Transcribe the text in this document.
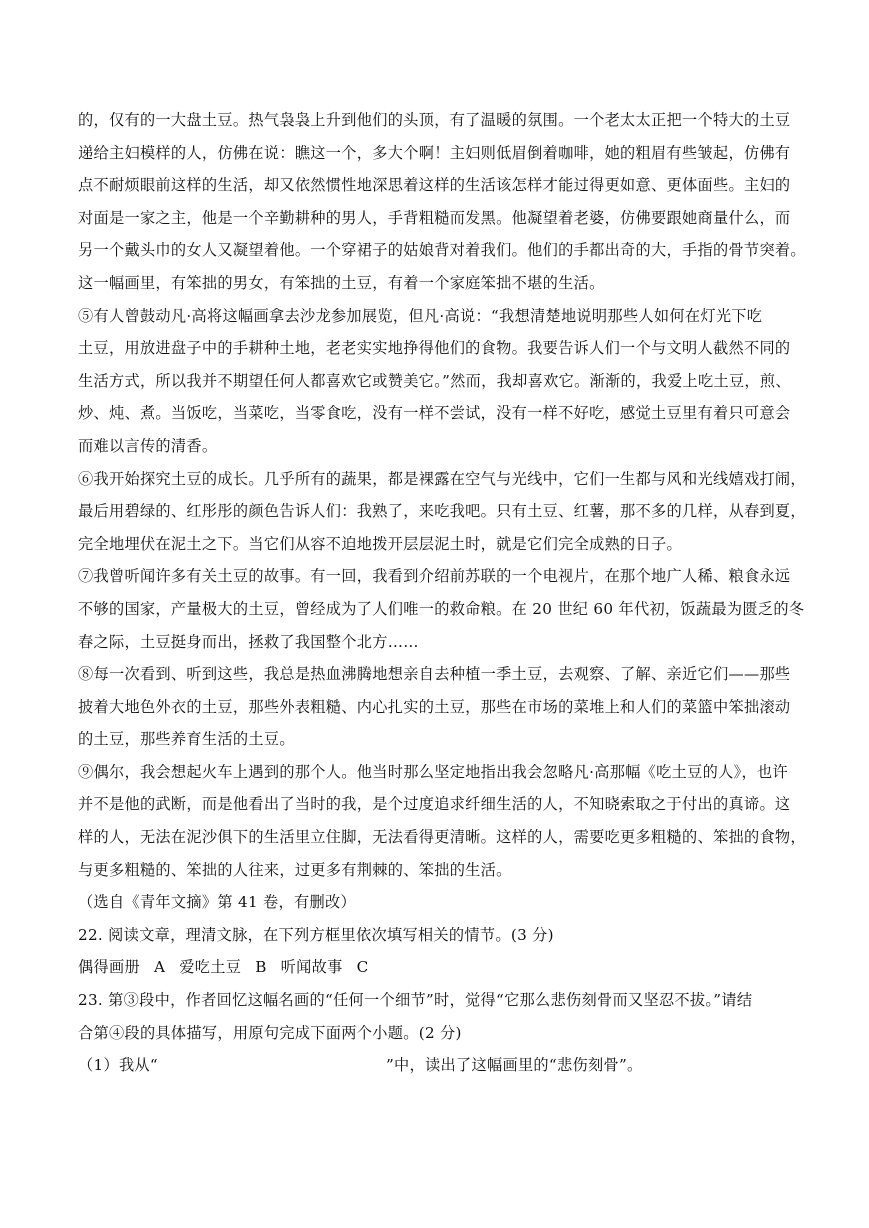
的，仅有的一大盘土豆。热气袅袅上升到他们的头顶，有了温暖的氛围。一个老太太正把一个特大的土豆
递给主妇模样的人，仿佛在说：瞧这一个，多大个啊！主妇则低眉倒着咖啡，她的粗眉有些皱起，仿佛有
点不耐烦眼前这样的生活，却又依然惯性地深思着这样的生活该怎样才能过得更如意、更体面些。主妇的
对面是一家之主，他是一个辛勤耕种的男人，手背粗糙而发黑。他凝望着老婆，仿佛要跟她商量什么，而
另一个戴头巾的女人又凝望着他。一个穿裙子的姑娘背对着我们。他们的手都出奇的大，手指的骨节突着。
这一幅画里，有笨拙的男女，有笨拙的土豆，有着一个家庭笨拙不堪的生活。
⑤有人曾鼓动凡·高将这幅画拿去沙龙参加展览，但凡·高说：“我想清楚地说明那些人如何在灯光下吃
土豆，用放进盘子中的手耕种土地，老老实实地挣得他们的食物。我要告诉人们一个与文明人截然不同的
生活方式，所以我并不期望任何人都喜欢它或赞美它。”然而，我却喜欢它。渐渐的，我爱上吃土豆，煎、
炒、炖、煮。当饭吃，当菜吃，当零食吃，没有一样不尝试，没有一样不好吃，感觉土豆里有着只可意会
而难以言传的清香。
⑥我开始探究土豆的成长。几乎所有的蔬果，都是裸露在空气与光线中，它们一生都与风和光线嬉戏打闹，
最后用碧绿的、红彤彤的颜色告诉人们：我熟了，来吃我吧。只有土豆、红薯，那不多的几样，从春到夏，
完全地埋伏在泥土之下。当它们从容不迫地拨开层层泥土时，就是它们完全成熟的日子。
⑦我曾听闻许多有关土豆的故事。有一回，我看到介绍前苏联的一个电视片，在那个地广人稀、粮食永远
不够的国家，产量极大的土豆，曾经成为了人们唯一的救命粮。在 20 世纪 60 年代初，饭蔬最为匮乏的冬
春之际，土豆挺身而出，拯救了我国整个北方……
⑧每一次看到、听到这些，我总是热血沸腾地想亲自去种植一季土豆，去观察、了解、亲近它们——那些
披着大地色外衣的土豆，那些外表粗糙、内心扎实的土豆，那些在市场的菜堆上和人们的菜篮中笨拙滚动
的土豆，那些养育生活的土豆。
⑨偶尔，我会想起火车上遇到的那个人。他当时那么坚定地指出我会忽略凡·高那幅《吃土豆的人》，也许
并不是他的武断，而是他看出了当时的我，是个过度追求纤细生活的人，不知晓索取之于付出的真谛。这
样的人，无法在泥沙俱下的生活里立住脚，无法看得更清晰。这样的人，需要吃更多粗糙的、笨拙的食物，
与更多粗糙的、笨拙的人往来，过更多有荆棘的、笨拙的生活。
（选自《青年文摘》第 41 卷，有删改）
22. 阅读文章，理清文脉，在下列方框里依次填写相关的情节。(3 分)
偶得画册 A 爱吃土豆 B 听闻故事 C
23. 第③段中，作者回忆这幅名画的“任何一个细节”时，觉得“它那么悲伤刻骨而又坚忍不拔。”请结
合第④段的具体描写，用原句完成下面两个小题。(2 分)
（1）我从“	”中，读出了这幅画里的“悲伤刻骨”。
